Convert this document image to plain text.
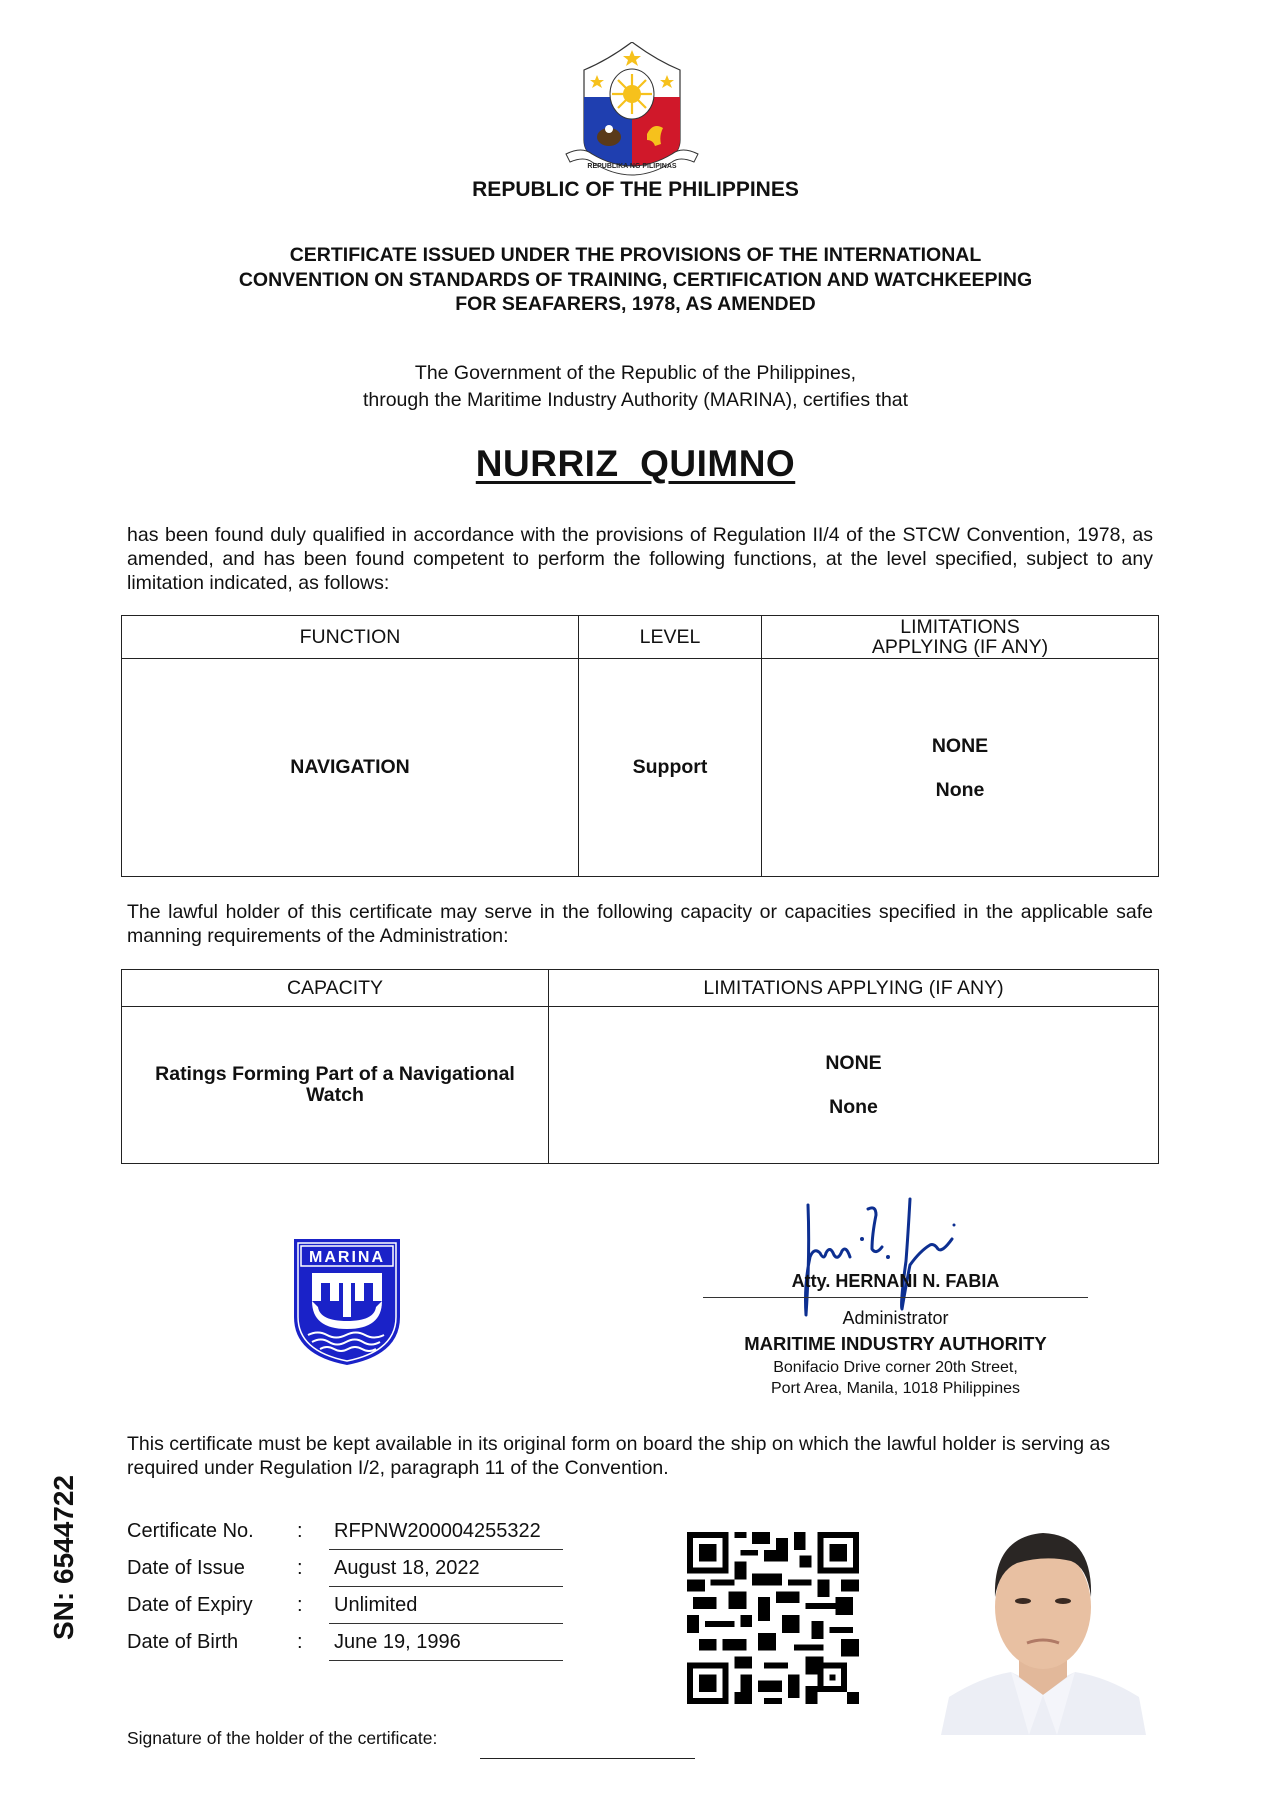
REPUBLIKA NG PILIPINAS
REPUBLIC OF THE PHILIPPINES
CERTIFICATE ISSUED UNDER THE PROVISIONS OF THE INTERNATIONAL
CONVENTION ON STANDARDS OF TRAINING, CERTIFICATION AND WATCHKEEPING
FOR SEAFARERS, 1978, AS AMENDED
The Government of the Republic of the Philippines,
through the Maritime Industry Authority (MARINA), certifies that
NURRIZ  QUIMNO
has been found duly qualified in accordance with the provisions of Regulation II/4 of the STCW Convention, 1978, as amended, and has been found competent to perform the following functions, at the level specified, subject to any limitation indicated, as follows:
FUNCTION	LEVEL	LIMITATIONS
APPLYING (IF ANY)

NAVIGATION	Support	NONE
None
The lawful holder of this certificate may serve in the following capacity or capacities specified in the applicable safe manning requirements of the Administration:
CAPACITY	LIMITATIONS APPLYING (IF ANY)

Ratings Forming Part of a Navigational
Watch

NONE
None
MARINA
Atty. HERNANI N. FABIA
Administrator
MARITIME INDUSTRY AUTHORITY
Bonifacio Drive corner 20th Street,
Port Area, Manila, 1018 Philippines
This certificate must be kept available in its original form on board the ship on which the lawful holder is serving as required under Regulation I/2, paragraph 11 of the Convention.
SN: 6544722 Certificate No. : RFPNW200004255322
Date of Issue	: August 18, 2022
Date of Expiry : Unlimited
Date of Birth	: June 19, 1996
Signature of the holder of the certificate:
